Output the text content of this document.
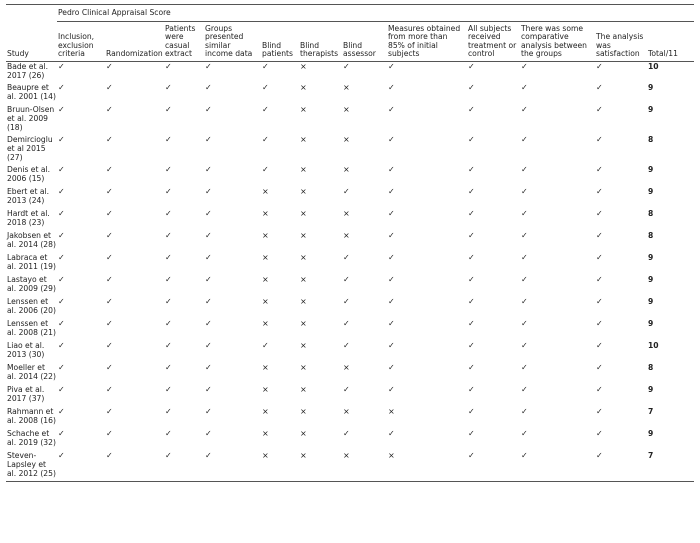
	Pedro Clinical Appraisal Score											
Study	Inclusion, exclusion criteria	Randomization	Patients were casual extract	Groups presented similar income data	Blind patients	Blind therapists	Blind assessor	Measures obtained from more than 85% of initial subjects	All subjects received treatment or control	There was some comparative analysis between the groups	The analysis was satisfaction	Total/11
Bade et al. 2017 (26)	✓	✓	✓	✓	✓	×	✓	✓	✓	✓	✓	10
Beaupre et al. 2001 (14)	✓	✓	✓	✓	✓	×	×	✓	✓	✓	✓	9
Bruun-Olsen et al. 2009 (18)	✓	✓	✓	✓	✓	×	×	✓	✓	✓	✓	9
Demircioglu et al 2015 (27)	✓	✓	✓	✓	✓	×	×	✓	✓	✓	✓	8
Denis et al. 2006 (15)	✓	✓	✓	✓	✓	×	×	✓	✓	✓	✓	9
Ebert et al. 2013 (24)	✓	✓	✓	✓	×	×	✓	✓	✓	✓	✓	9
Hardt et al. 2018 (23)	✓	✓	✓	✓	×	×	×	✓	✓	✓	✓	8
Jakobsen et al. 2014 (28)	✓	✓	✓	✓	×	×	×	✓	✓	✓	✓	8
Labraca et al. 2011 (19)	✓	✓	✓	✓	×	×	✓	✓	✓	✓	✓	9
Lastayo et al. 2009 (29)	✓	✓	✓	✓	×	×	✓	✓	✓	✓	✓	9
Lenssen et al. 2006 (20)	✓	✓	✓	✓	×	×	✓	✓	✓	✓	✓	9
Lenssen et al. 2008 (21)	✓	✓	✓	✓	×	×	✓	✓	✓	✓	✓	9
Liao et al. 2013 (30)	✓	✓	✓	✓	✓	×	✓	✓	✓	✓	✓	10
Moeller et al. 2014 (22)	✓	✓	✓	✓	×	×	×	✓	✓	✓	✓	8
Piva et al. 2017 (37)	✓	✓	✓	✓	×	×	✓	✓	✓	✓	✓	9
Rahmann et al. 2008 (16)	✓	✓	✓	✓	×	×	×	×	✓	✓	✓	7
Schache et al. 2019 (32)	✓	✓	✓	✓	×	×	✓	✓	✓	✓	✓	9
Steven-Lapsley et al. 2012 (25)	✓	✓	✓	✓	×	×	×	×	✓	✓	✓	7
